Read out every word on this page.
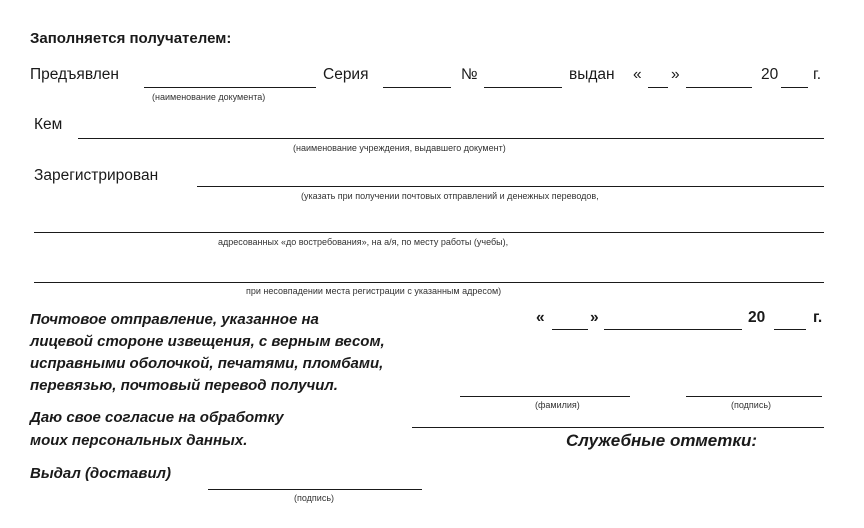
Заполняется получателем:
Предъявлен
(наименование документа)
Серия	№	выдан « »	20 г.
Кем
(наименование учреждения, выдавшего документ)
Зарегистрирован
(указать при получении почтовых отправлений и денежных переводов,
адресованных «до востребования», на а/я, по месту работы (учебы),
при несовпадении места регистрации с указанным адресом)
Почтовое отправление, указанное на
лицевой стороне извещения, с верным весом,
исправными оболочкой, печатями, пломбами,
перевязью, почтовый перевод получил.
«	»	20	г.
(фамилия)	(подпись)
Даю свое согласие на обработку
моих персональных данных.	Служебные отметки:
Выдал (доставил)
(подпись)
